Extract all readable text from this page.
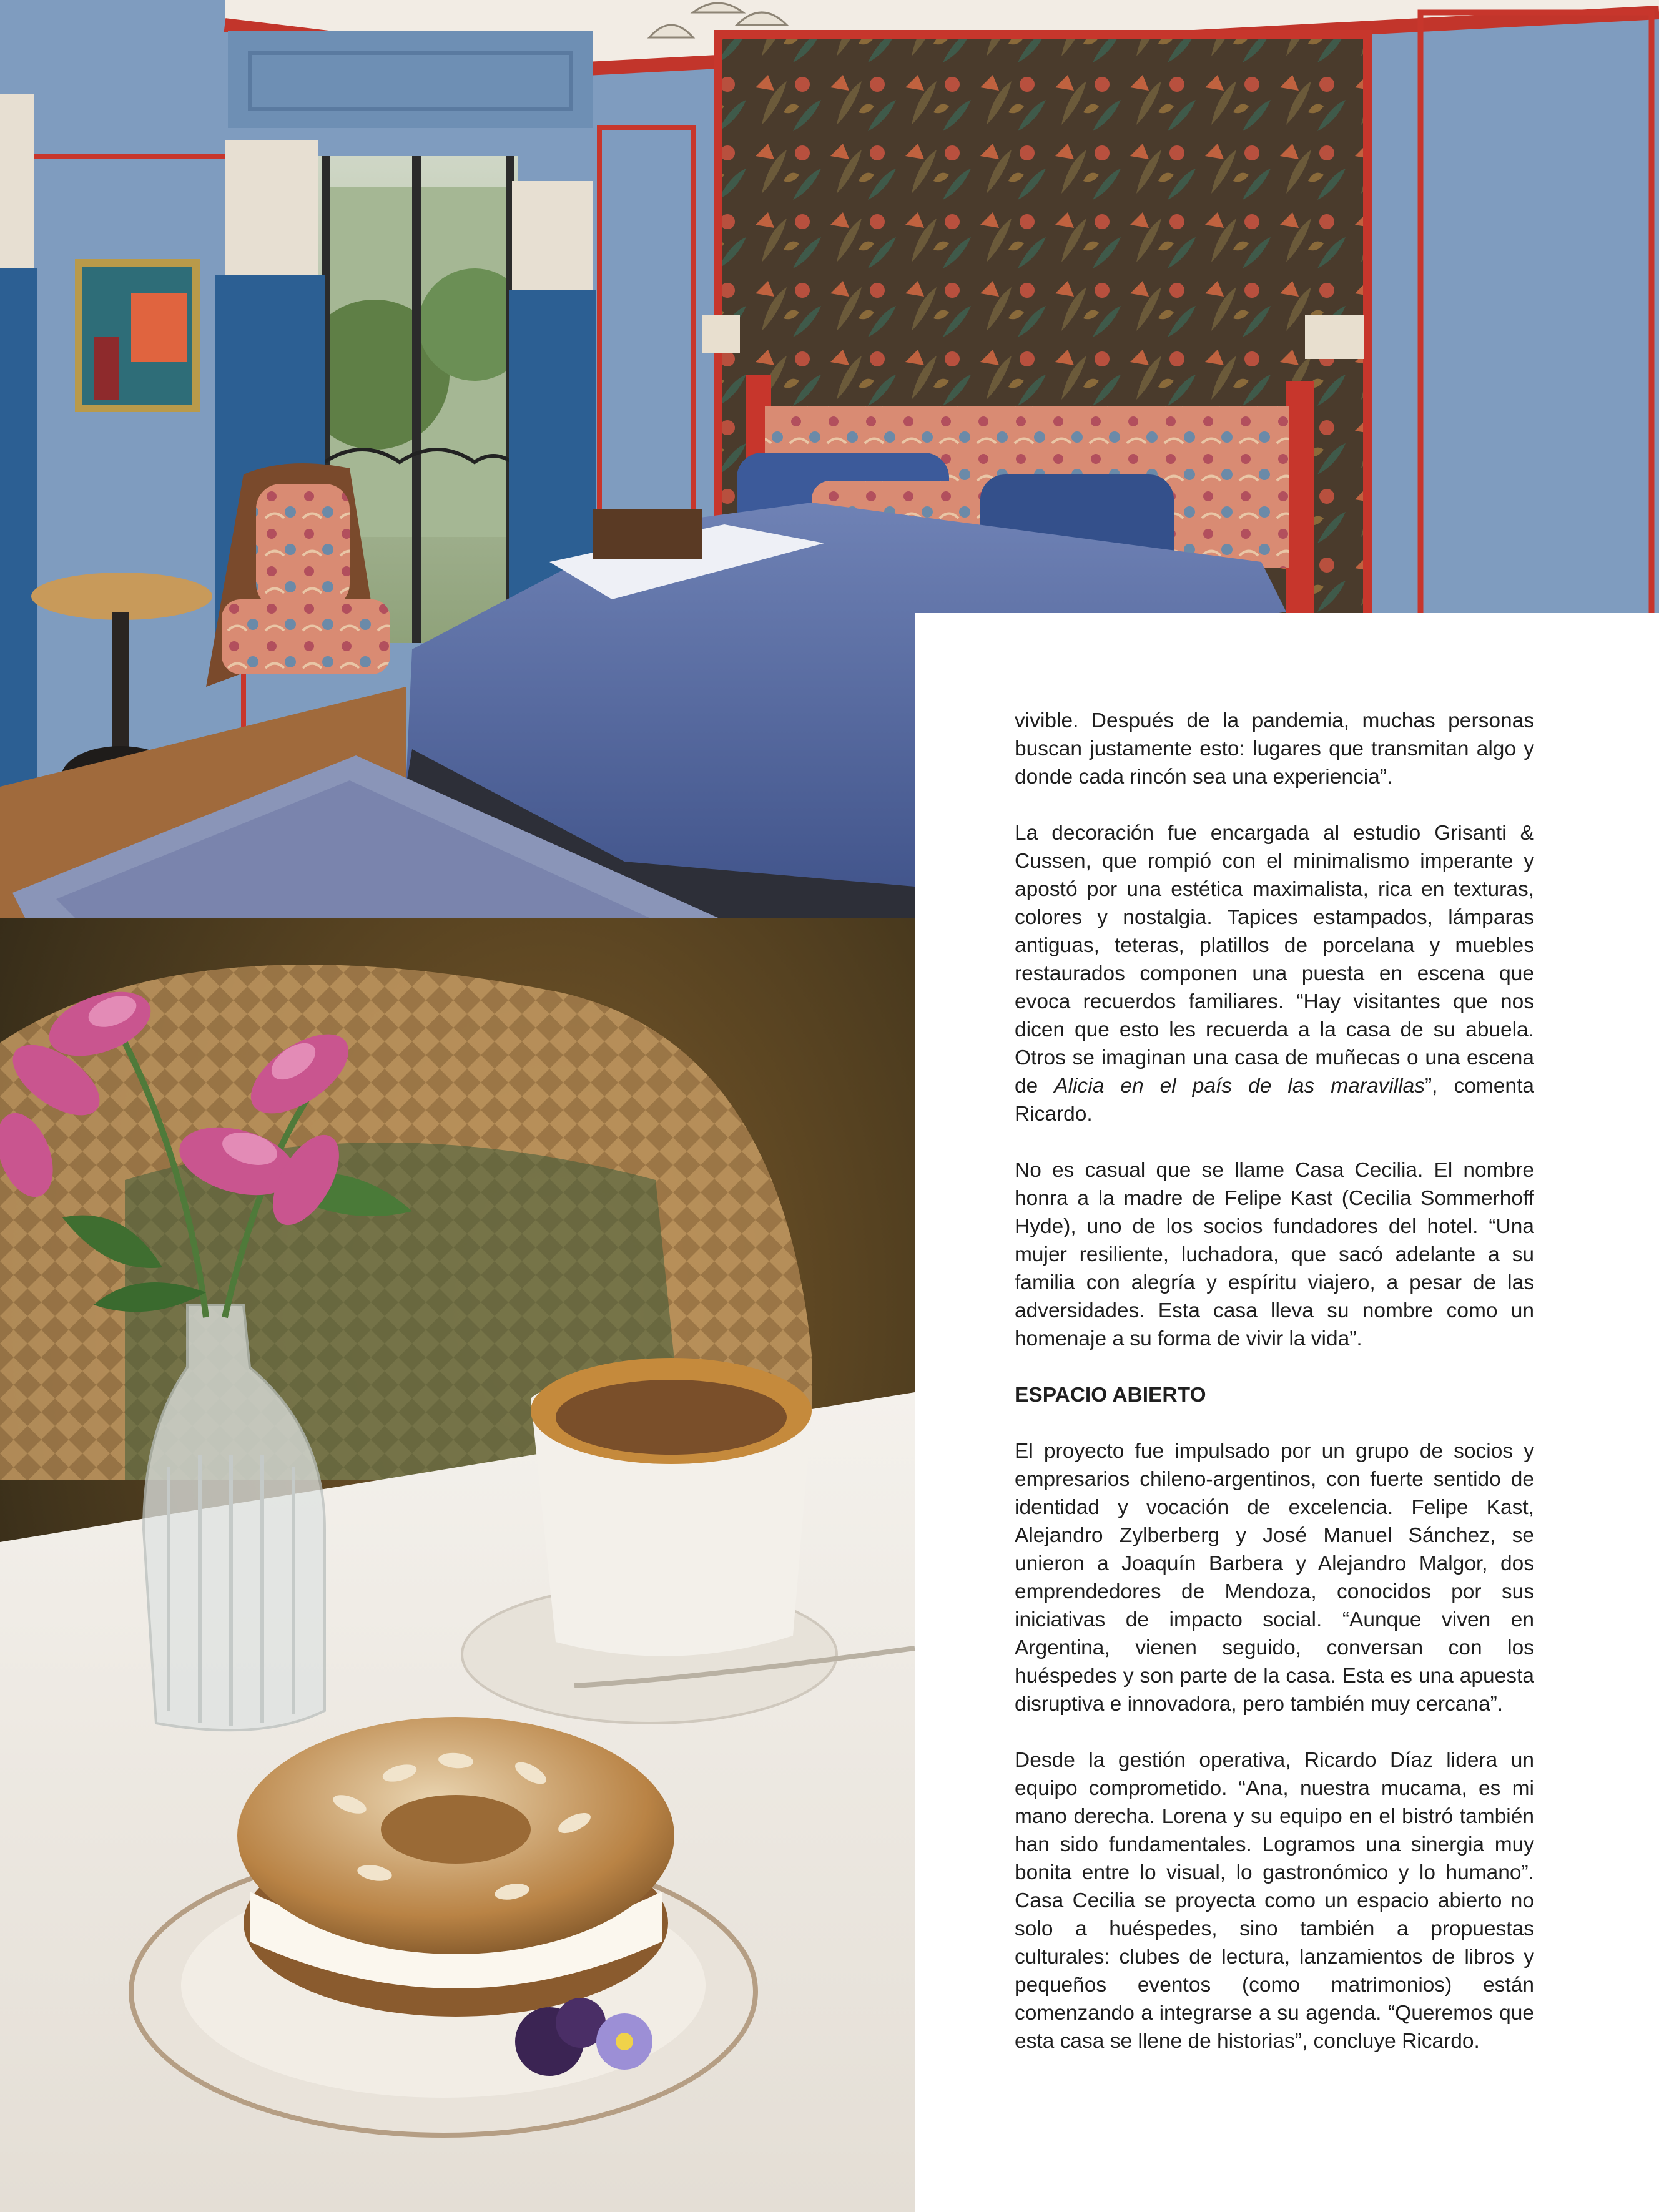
vivible. Después de la pandemia, muchas personas buscan justamente esto: lugares que transmitan algo y donde cada rincón sea una experiencia”.

La decoración fue encargada al estudio Grisanti & Cussen, que rompió con el minimalismo imperante y apostó por una estética maximalista, rica en texturas, colores y nostalgia. Tapices estampados, lámparas antiguas, teteras, platillos de porcelana y muebles restaurados componen una puesta en escena que evoca recuerdos familiares. “Hay visitantes que nos dicen que esto les recuerda a la casa de su abuela. Otros se imaginan una casa de muñecas o una escena de Alicia en el país de las maravillas”, comenta Ricardo.

No es casual que se llame Casa Cecilia. El nombre honra a la madre de Felipe Kast (Cecilia Sommerhoff Hyde), uno de los socios fundadores del hotel. “Una mujer resiliente, luchadora, que sacó adelante a su familia con alegría y espíritu viajero, a pesar de las adversidades. Esta casa lleva su nombre como un homenaje a su forma de vivir la vida”.

ESPACIO ABIERTO

El proyecto fue impulsado por un grupo de socios y empresarios chileno-argentinos, con fuerte sentido de identidad y vocación de excelencia. Felipe Kast, Alejandro Zylberberg y José Manuel Sánchez, se unieron a Joaquín Barbera y Alejandro Malgor, dos emprendedores de Mendoza, conocidos por sus iniciativas de impacto social. “Aunque viven en Argentina, vienen seguido, conversan con los huéspedes y son parte de la casa. Esta es una apuesta disruptiva e innovadora, pero también muy cercana”.

Desde la gestión operativa, Ricardo Díaz lidera un equipo comprometido. “Ana, nuestra mucama, es mi mano derecha. Lorena y su equipo en el bistró también han sido fundamentales. Logramos una sinergia muy bonita entre lo visual, lo gastronómico y lo humano”. Casa Cecilia se proyecta como un espacio abierto no solo a huéspedes, sino también a propuestas culturales: clubes de lectura, lanzamientos de libros y pequeños eventos (como matrimonios) están comenzando a integrarse a su agenda. “Queremos que esta casa se llene de historias”, concluye Ricardo.
